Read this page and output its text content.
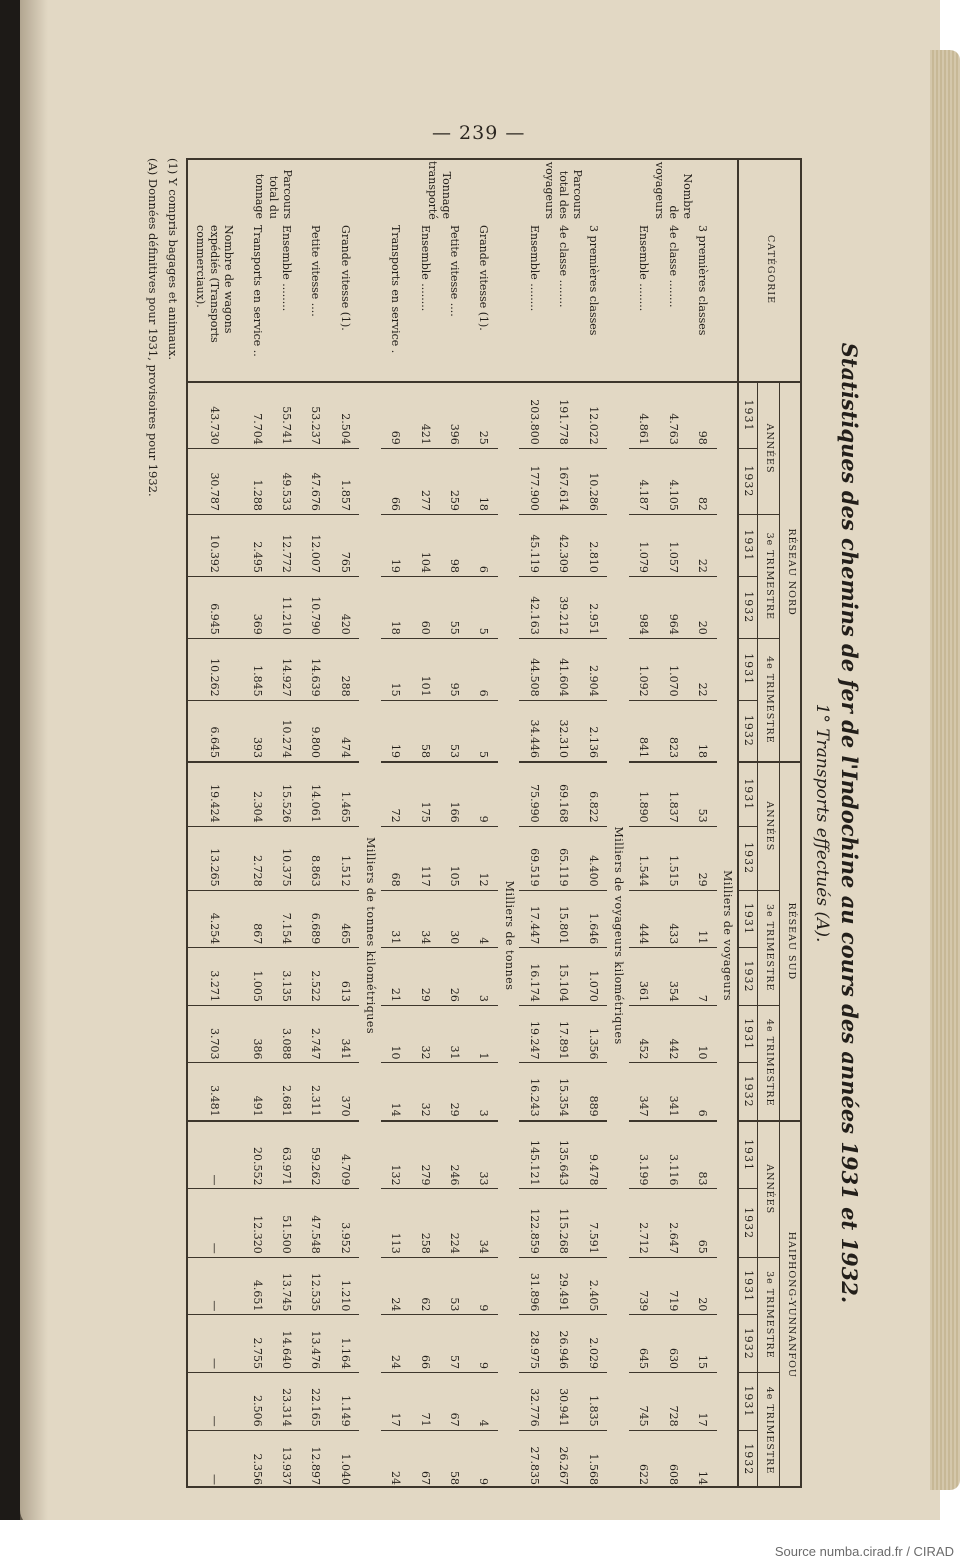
— 239 —
Statistiques des chemins de fer de l'Indochine au cours des années 1931 et 1932.
1° Transports effectués (A).
CATÉGORIE		RÉSEAU NORD						RÉSEAU SUD						HAIPHONG-YUNNANFOU					
		ANNÉES		3e TRIMESTRE		4e TRIMESTRE		ANNÉES		3e TRIMESTRE		4e TRIMESTRE		ANNÉES		3e TRIMESTRE		4e TRIMESTRE	
		1931	1932	1931	1932	1931	1932	1931	1932	1931	1932	1931	1932	1931	1932	1931	1932	1931	1932
		Milliers de voyageurs																	
Nombre de voyageurs	3 premières classes	98	82	22	20	22	18	53	29	11	7	10	6	83	65	20	15	17	14
	4e classe ........	4.763	4.105	1.057	964	1.070	823	1.837	1.515	433	354	442	341	3.116	2.647	719	630	728	608
	Ensemble ........	4.861	4.187	1.079	984	1.092	841	1.890	1.544	444	361	452	347	3.199	2.712	739	645	745	622
		Milliers de voyageurs kilométriques																	
Parcours total des voyageurs	3 premières classes	12.022	10.286	2.810	2.951	2.904	2.136	6.822	4.400	1.646	1.070	1.356	889	9.478	7.591	2.405	2.029	1.835	1.568
	4e classe ........	191.778	167.614	42.309	39.212	41.604	32.310	69.168	65.119	15.801	15.104	17.891	15.354	135.643	115.268	29.491	26.946	30.941	26.267
	Ensemble ........	203.800	177.900	45.119	42.163	44.508	34.446	75.990	69.519	17.447	16.174	19.247	16.243	145.121	122.859	31.896	28.975	32.776	27.835
		Milliers de tonnes																	
Tonnage transporté	Grande vitesse (1).	25	18	6	5	6	5	9	12	4	3	1	3	33	34	9	9	4	9
	Petite vitesse ....	396	259	98	55	95	53	166	105	30	26	31	29	246	224	53	57	67	58
	Ensemble ........	421	277	104	60	101	58	175	117	34	29	32	32	279	258	62	66	71	67
	Transports en service .	69	66	19	18	15	19	72	68	31	21	10	14	132	113	24	24	17	24
		Milliers de tonnes kilométriques																	
Parcours total du tonnage	Grande vitesse (1).	2.504	1.857	765	420	288	474	1.465	1.512	465	613	341	370	4.709	3.952	1.210	1.164	1.149	1.040
	Petite vitesse ....	53.237	47.676	12.007	10.790	14.639	9.800	14.061	8.863	6.689	2.522	2.747	2.311	59.262	47.548	12.535	13.476	22.165	12.897
	Ensemble ........	55.741	49.533	12.772	11.210	14.927	10.274	15.526	10.375	7.154	3.135	3.088	2.681	63.971	51.500	13.745	14.640	23.314	13.937
	Transports en service ..	7.704	1.288	2.495	369	1.845	393	2.304	2.728	867	1.005	386	491	20.552	12.320	4.651	2.755	2.506	2.356
	Nombre de wagons expédiés (Transports commerciaux).	43.730	30.787	10.392	6.945	10.262	6.645	19.424	13.265	4.254	3.271	3.703	3.481	—	—	—	—	—	—
(1) Y compris bagages et animaux.
(A) Données définitives pour 1931, provisoires pour 1932.
Source numba.cirad.fr / CIRAD
